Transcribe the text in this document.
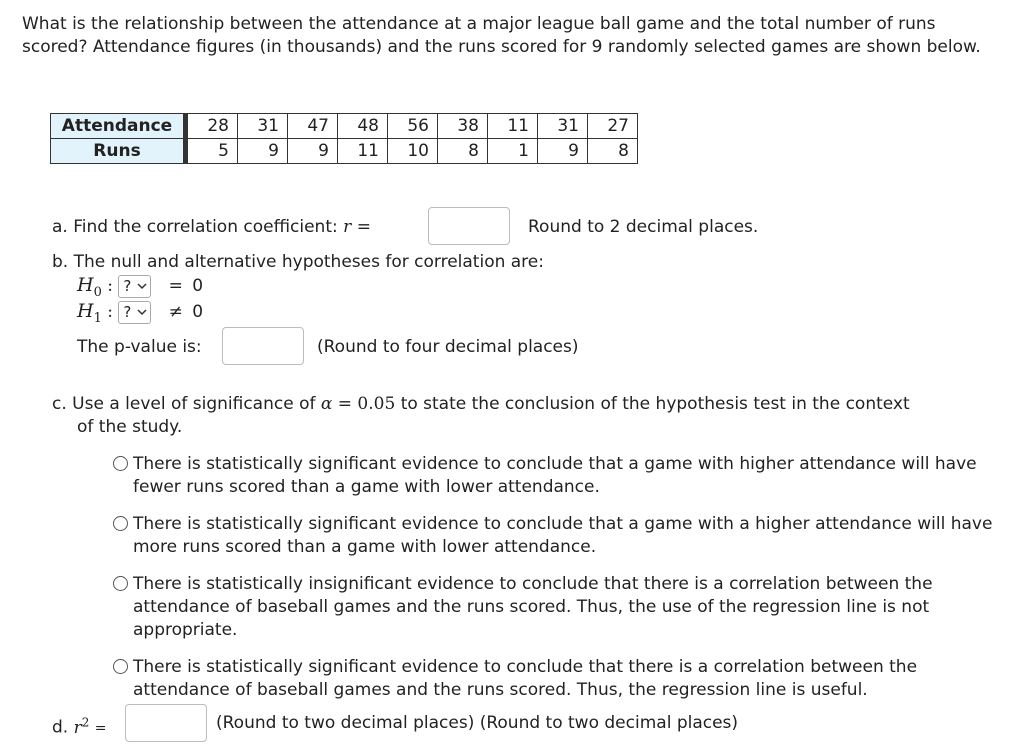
What is the relationship between the attendance at a major league ball game and the total number of runs scored? Attendance figures (in thousands) and the runs scored for 9 randomly selected games are shown below.
Attendance	28	31	47	48	56	38	11	31	27
Runs	5	9	9	11	10	8	1	9	8
a. Find the correlation coefficient: r =	Round to 2 decimal places.
b. The null and alternative hypotheses for correlation are:
$H_0$ : ? = 0
$H_1$ : ? ≠ 0
The p-value is:	(Round to four decimal places)
c. Use a level of significance of α = 0.05 to state the conclusion of the hypothesis test in the context
of the study.
There is statistically significant evidence to conclude that a game with higher attendance will have fewer runs scored than a game with lower attendance.
There is statistically significant evidence to conclude that a game with a higher attendance will have more runs scored than a game with lower attendance.
There is statistically insignificant evidence to conclude that there is a correlation between the attendance of baseball games and the runs scored. Thus, the use of the regression line is not appropriate.
There is statistically significant evidence to conclude that there is a correlation between the attendance of baseball games and the runs scored. Thus, the regression line is useful.
d. $r^2$ =	(Round to two decimal places) (Round to two decimal places)
